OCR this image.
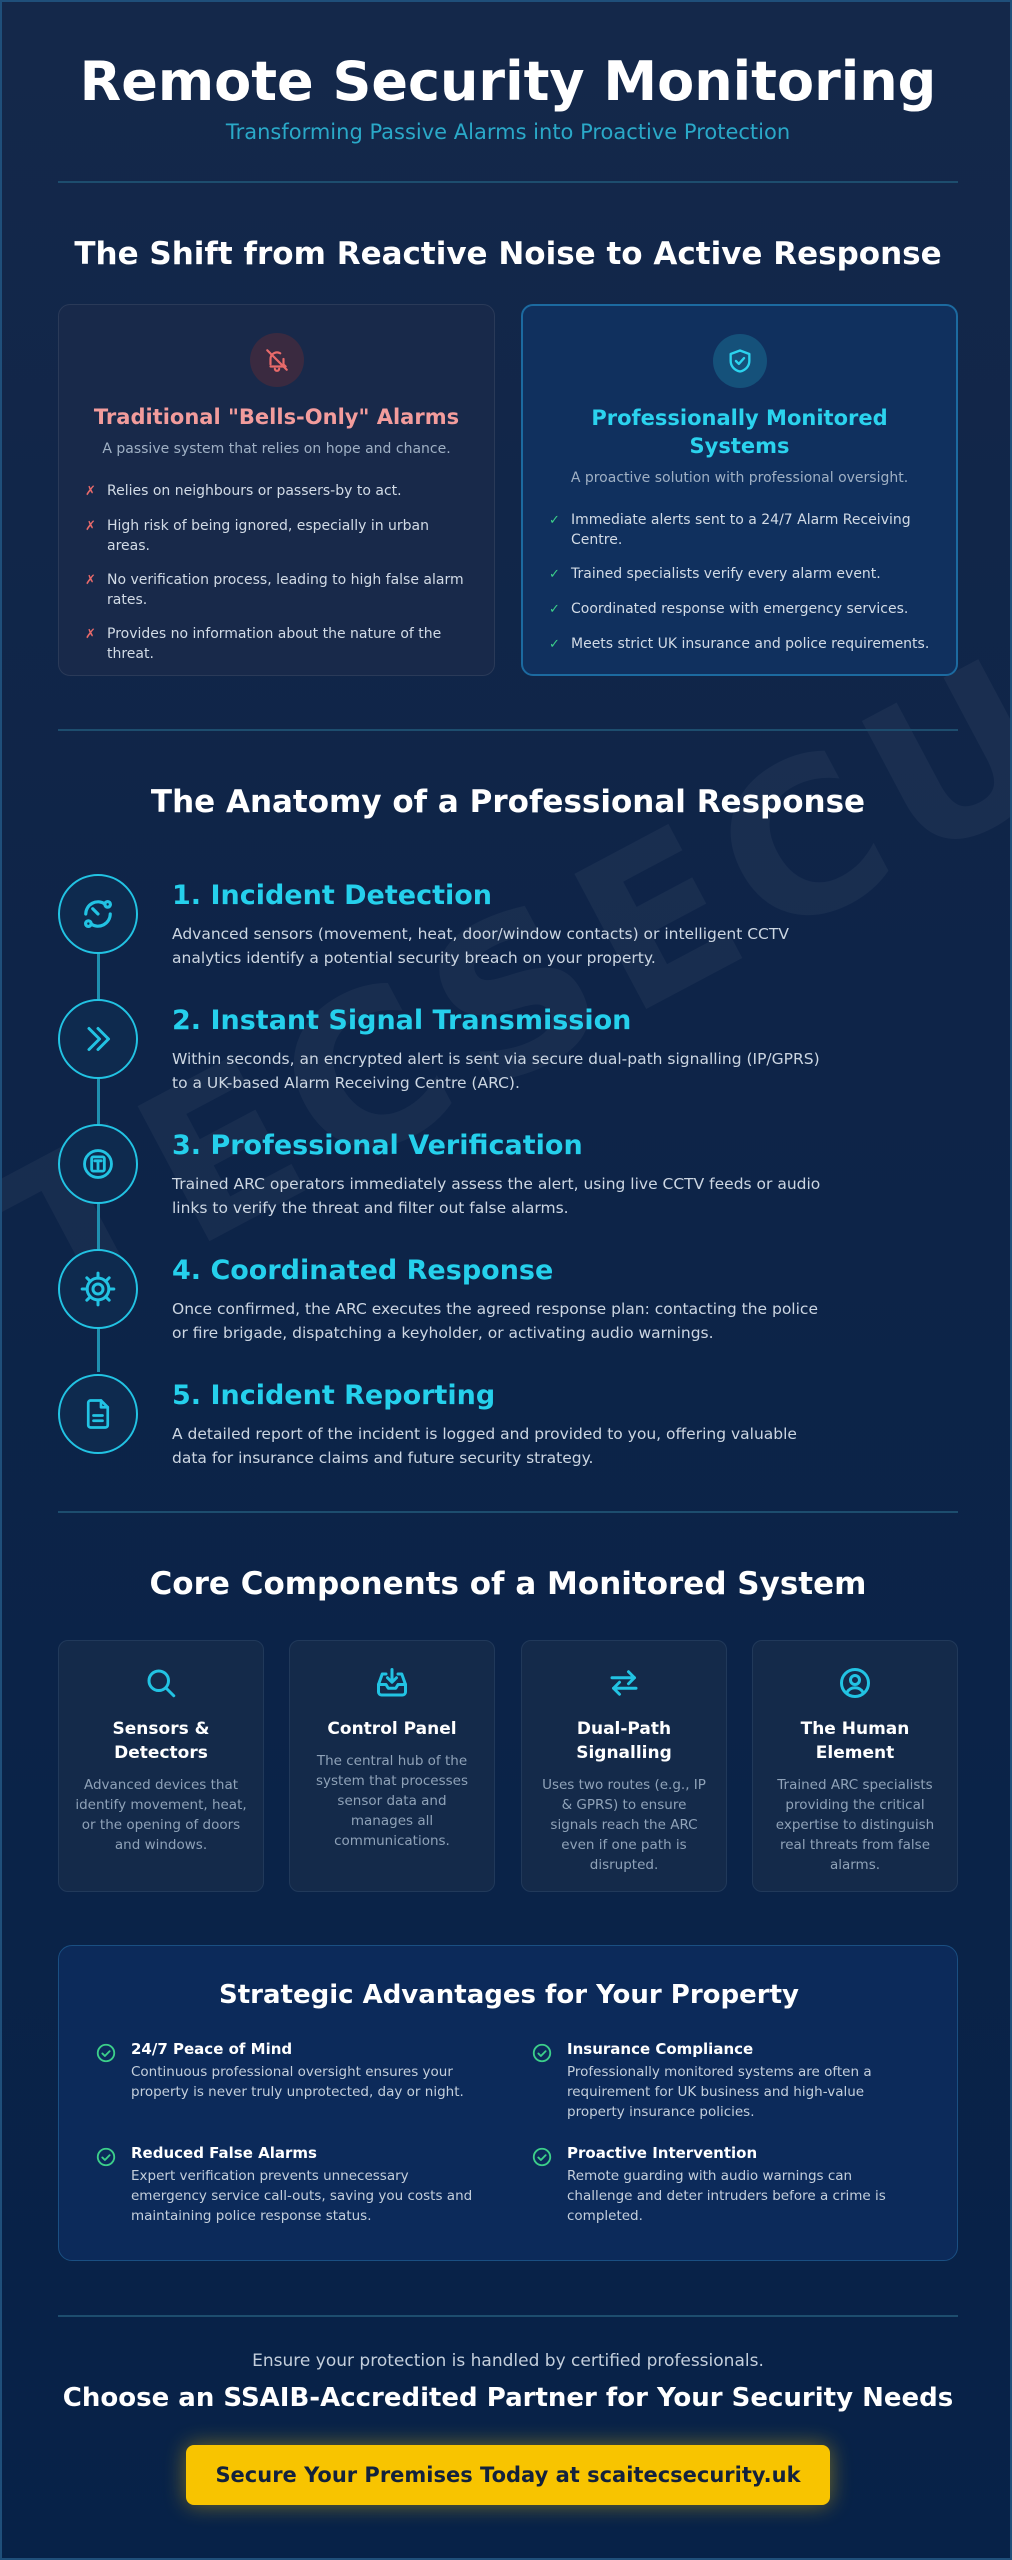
Remote Security Monitoring
Transforming Passive Alarms into Proactive Protection
The Shift from Reactive Noise to Active Response
Traditional "Bells-Only" Alarms
A passive system that relies on hope and chance.
✗ Relies on neighbours or passers-by to act.
✗ High risk of being ignored, especially in urban areas.
✗ No verification process, leading to high false alarm rates.
✗ Provides no information about the nature of the threat.
Professionally Monitored Systems
A proactive solution with professional oversight.
✓ Immediate alerts sent to a 24/7 Alarm Receiving Centre.
✓ Trained specialists verify every alarm event.
✓ Coordinated response with emergency services.
✓ Meets strict UK insurance and police requirements.
The Anatomy of a Professional Response
1. Incident Detection

Advanced sensors (movement, heat, door/window contacts) or intelligent CCTV analytics identify a potential security breach on your property.

2. Instant Signal Transmission

Within seconds, an encrypted alert is sent via secure dual-path signalling (IP/GPRS) to a UK-based Alarm Receiving Centre (ARC).

3. Professional Verification

Trained ARC operators immediately assess the alert, using live CCTV feeds or audio links to verify the threat and filter out false alarms.

4. Coordinated Response

Once confirmed, the ARC executes the agreed response plan: contacting the police or fire brigade, dispatching a keyholder, or activating audio warnings.

5. Incident Reporting

A detailed report of the incident is logged and provided to you, offering valuable data for insurance claims and future security strategy.

Core Components of a Monitored System
Sensors & Detectors

Advanced devices that identify movement, heat, or the opening of doors and windows.

Control Panel

The central hub of the system that processes sensor data and manages all communications.

Dual-Path Signalling

Uses two routes (e.g., IP & GPRS) to ensure signals reach the ARC even if one path is disrupted.

The Human Element

Trained ARC specialists providing the critical expertise to distinguish real threats from false alarms.

Strategic Advantages for Your Property
24/7 Peace of Mind

Continuous professional oversight ensures your property is never truly unprotected, day or night.

Insurance Compliance

Professionally monitored systems are often a requirement for UK business and high-value property insurance policies.

Reduced False Alarms

Expert verification prevents unnecessary emergency service call-outs, saving you costs and maintaining police response status.

Proactive Intervention

Remote guarding with audio warnings can challenge and deter intruders before a crime is completed.

Ensure your protection is handled by certified professionals.
Choose an SSAIB-Accredited Partner for Your Security Needs
Secure Your Premises Today at scaitecsecurity.uk
